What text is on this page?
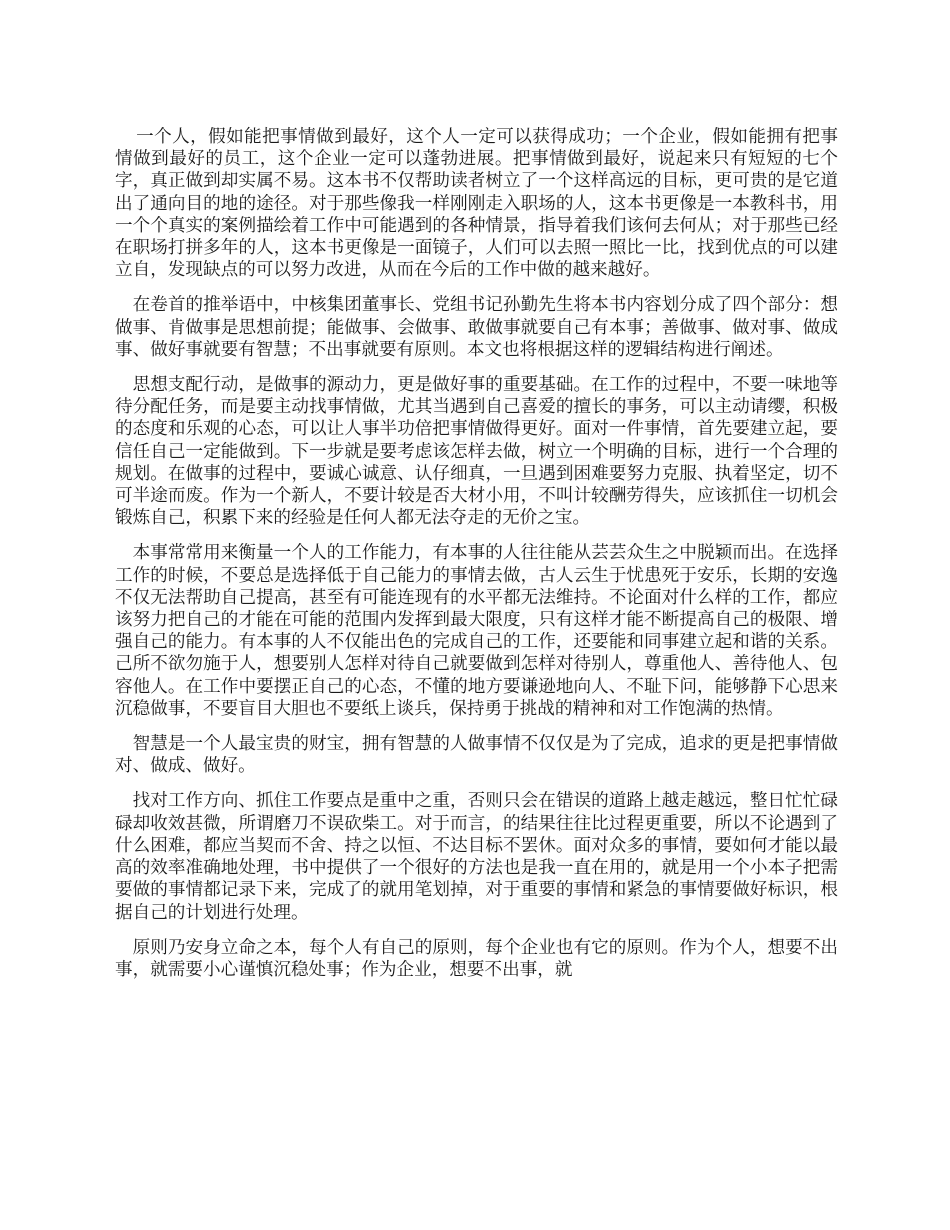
一个人，假如能把事情做到最好，这个人一定可以获得成功；一个企业，假如能拥有把事情做到最好的员工，这个企业一定可以蓬勃进展。把事情做到最好，说起来只有短短的七个字，真正做到却实属不易。这本书不仅帮助读者树立了一个这样高远的目标，更可贵的是它道出了通向目的地的途径。对于那些像我一样刚刚走入职场的人，这本书更像是一本教科书，用一个个真实的案例描绘着工作中可能遇到的各种情景，指导着我们该何去何从；对于那些已经在职场打拼多年的人，这本书更像是一面镜子，人们可以去照一照比一比，找到优点的可以建立自，发现缺点的可以努力改进，从而在今后的工作中做的越来越好。

在卷首的推举语中，中核集团董事长、党组书记孙勤先生将本书内容划分成了四个部分：想做事、肯做事是思想前提；能做事、会做事、敢做事就要自己有本事；善做事、做对事、做成事、做好事就要有智慧；不出事就要有原则。本文也将根据这样的逻辑结构进行阐述。

思想支配行动，是做事的源动力，更是做好事的重要基础。在工作的过程中，不要一味地等待分配任务，而是要主动找事情做，尤其当遇到自己喜爱的擅长的事务，可以主动请缨，积极的态度和乐观的心态，可以让人事半功倍把事情做得更好。面对一件事情，首先要建立起，要信任自己一定能做到。下一步就是要考虑该怎样去做，树立一个明确的目标，进行一个合理的规划。在做事的过程中，要诚心诚意、认仔细真，一旦遇到困难要努力克服、执着坚定，切不可半途而废。作为一个新人，不要计较是否大材小用，不叫计较酬劳得失，应该抓住一切机会锻炼自己，积累下来的经验是任何人都无法夺走的无价之宝。

本事常常用来衡量一个人的工作能力，有本事的人往往能从芸芸众生之中脱颖而出。在选择工作的时候，不要总是选择低于自己能力的事情去做，古人云生于忧患死于安乐，长期的安逸不仅无法帮助自己提高，甚至有可能连现有的水平都无法维持。不论面对什么样的工作，都应该努力把自己的才能在可能的范围内发挥到最大限度，只有这样才能不断提高自己的极限、增强自己的能力。有本事的人不仅能出色的完成自己的工作，还要能和同事建立起和谐的关系。己所不欲勿施于人，想要别人怎样对待自己就要做到怎样对待别人，尊重他人、善待他人、包容他人。在工作中要摆正自己的心态，不懂的地方要谦逊地向人、不耻下问，能够静下心思来沉稳做事，不要盲目大胆也不要纸上谈兵，保持勇于挑战的精神和对工作饱满的热情。

智慧是一个人最宝贵的财宝，拥有智慧的人做事情不仅仅是为了完成，追求的更是把事情做对、做成、做好。

找对工作方向、抓住工作要点是重中之重，否则只会在错误的道路上越走越远，整日忙忙碌碌却收效甚微，所谓磨刀不误砍柴工。对于而言，的结果往往比过程更重要，所以不论遇到了什么困难，都应当契而不舍、持之以恒、不达目标不罢休。面对众多的事情，要如何才能以最高的效率准确地处理，书中提供了一个很好的方法也是我一直在用的，就是用一个小本子把需要做的事情都记录下来，完成了的就用笔划掉，对于重要的事情和紧急的事情要做好标识，根据自己的计划进行处理。

原则乃安身立命之本，每个人有自己的原则，每个企业也有它的原则。作为个人，想要不出事，就需要小心谨慎沉稳处事；作为企业，想要不出事，就
